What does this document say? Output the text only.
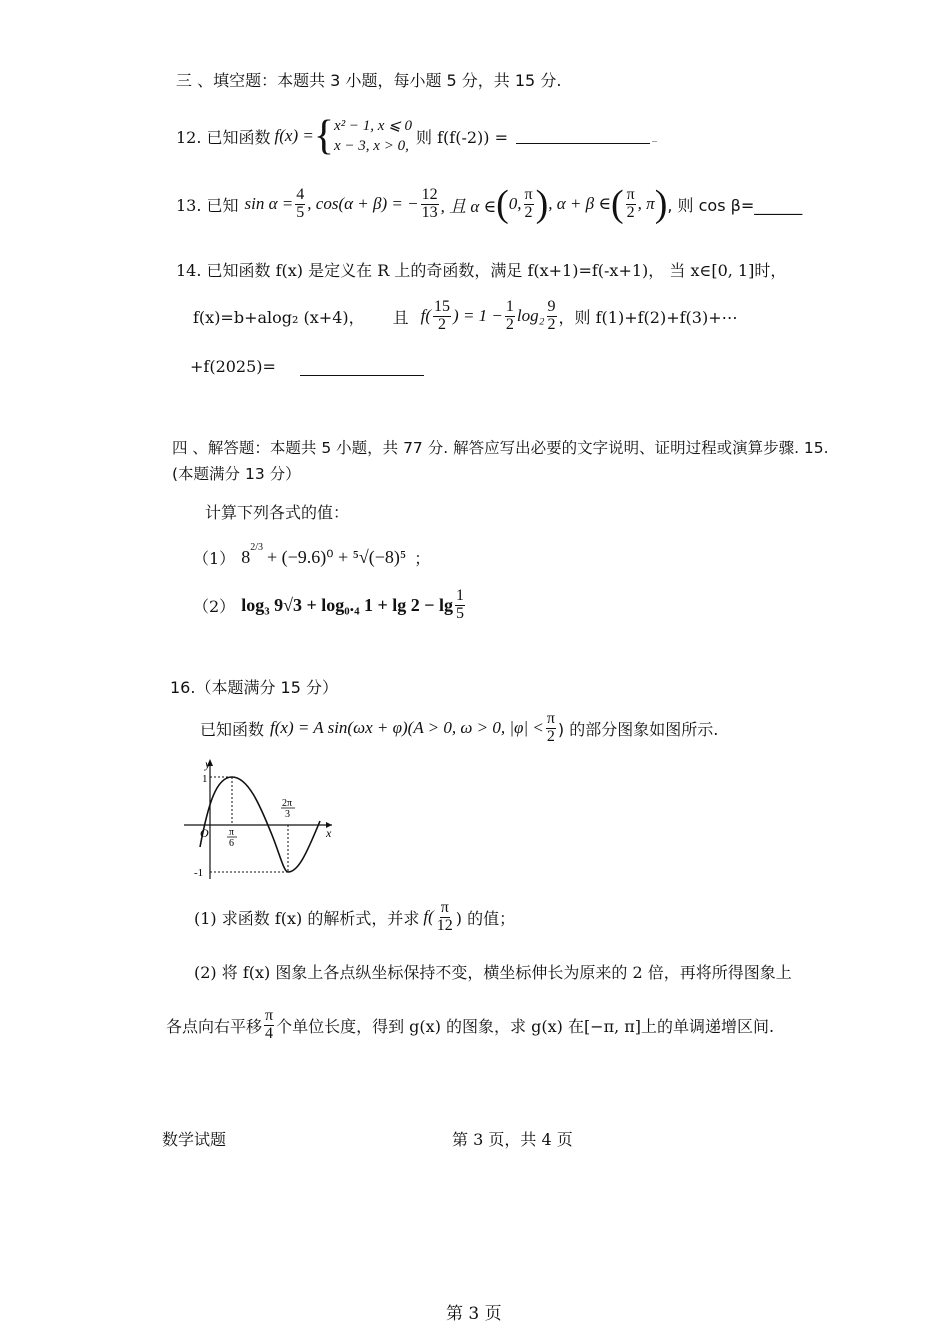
三 、填空题：本题共 3 小题，每小题 5 分，共 15 分.
12. 已知函数 f(x) = { x² − 1, x ⩽ 0
x − 3, x > 0, 则 f(f(-2)) =	_
13. 已知 $\sin \alpha = \frac{4}{5}$ , cos(α + β) = − $\frac{12}{13}$ , 且 α ∈ ( 0, $\frac{\pi}{2}$ ) , α + β ∈ ( $\frac{\pi}{2}$ , π ) , 则 cos β=______
14. 已知函数 f(x) 是定义在 R 上的奇函数，满足 f(x+1)=f(-x+1)， 当 x∈[0, 1]时，
f(x)=b+alog₂ (x+4)， 且 $f( \frac{15}{2}$ ) = $1 - \frac{1}{2} \log_2 \frac{9}{2}$ ，则 f(1)+f(2)+f(3)+⋯
+f(2025)=
四 、解答题：本题共 5 小题，共 77 分. 解答应写出必要的文字说明、证明过程或演算步骤. 15.
(本题满分 13 分）
计算下列各式的值：
（1） $8^{2/3} + (-9.6)^0 + ^5√(-8)^5$ ；
（2） log₃ 9√3 + log₀.₄ $1 + \lg 2 - \lg \frac{1}{5}$
16.（本题满分 15 分）
已知函数 f(x) = A sin(ωx + φ)(A > 0, ω > 0, $|\varphi| < \frac{\pi}{2}$ ) 的部分图象如图所示.
y
x
O
1
-1
π
6
2π
3
(1) 求函数 f(x) 的解析式，并求 $f( \frac{\pi}{12}$ ) 的值；
(2) 将 f(x) 图象上各点纵坐标保持不变，横坐标伸长为原来的 2 倍，再将所得图象上
各点向右平移 $\frac{\pi}{4}$ 个单位长度，得到 g(x) 的图象，求 g(x) 在[−π, π]上的单调递增区间.
数学试题	第 3 页，共 4 页
第 3 页
